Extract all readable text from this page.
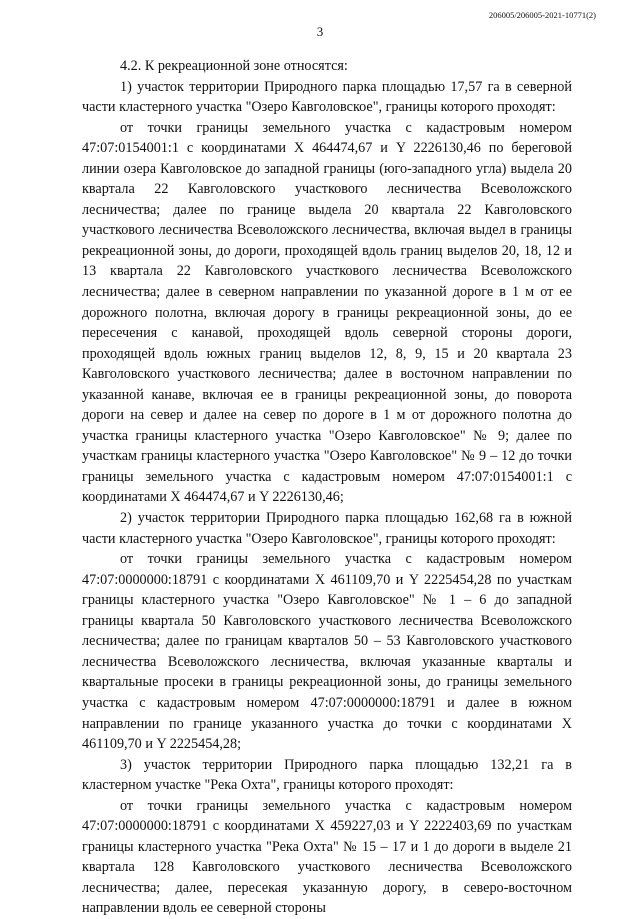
206005/206005-2021-10771(2)
3

4.2. К рекреационной зоне относятся:

1) участок территории Природного парка площадью 17,57 га в северной части кластерного участка "Озеро Кавголовское", границы которого проходят:

от точки границы земельного участка с кадастровым номером 47:07:0154001:1 с координатами X 464474,67 и Y 2226130,46 по береговой линии озера Кавголовское до западной границы (юго-западного угла) выдела 20 квартала 22 Кавголовского участкового лесничества Всеволожского лесничества; далее по границе выдела 20 квартала 22 Кавголовского участкового лесничества Всеволожского лесничества, включая выдел в границы рекреационной зоны, до дороги, проходящей вдоль границ выделов 20, 18, 12 и 13 квартала 22 Кавголовского участкового лесничества Всеволожского лесничества; далее в северном направлении по указанной дороге в 1 м от ее дорожного полотна, включая дорогу в границы рекреационной зоны, до ее пересечения с канавой, проходящей вдоль северной стороны дороги, проходящей вдоль южных границ выделов 12, 8, 9, 15 и 20 квартала 23 Кавголовского участкового лесничества; далее в восточном направлении по указанной канаве, включая ее в границы рекреационной зоны, до поворота дороги на север и далее на север по дороге в 1 м от дорожного полотна до участка границы кластерного участка "Озеро Кавголовское" № 9; далее по участкам границы кластерного участка "Озеро Кавголовское" № 9 – 12 до точки границы земельного участка с кадастровым номером 47:07:0154001:1 с координатами X 464474,67 и Y 2226130,46;

2) участок территории Природного парка площадью 162,68 га в южной части кластерного участка "Озеро Кавголовское", границы которого проходят:

от точки границы земельного участка с кадастровым номером 47:07:0000000:18791 с координатами X 461109,70 и Y 2225454,28 по участкам границы кластерного участка "Озеро Кавголовское" № 1 – 6 до западной границы квартала 50 Кавголовского участкового лесничества Всеволожского лесничества; далее по границам кварталов 50 – 53 Кавголовского участкового лесничества Всеволожского лесничества, включая указанные кварталы и квартальные просеки в границы рекреационной зоны, до границы земельного участка с кадастровым номером 47:07:0000000:18791 и далее в южном направлении по границе указанного участка до точки с координатами X 461109,70 и Y 2225454,28;

3) участок территории Природного парка площадью 132,21 га в кластерном участке "Река Охта", границы которого проходят:

от точки границы земельного участка с кадастровым номером 47:07:0000000:18791 с координатами X 459227,03 и Y 2222403,69 по участкам границы кластерного участка "Река Охта" № 15 – 17 и 1 до дороги в выделе 21 квартала 128 Кавголовского участкового лесничества Всеволожского лесничества; далее, пересекая указанную дорогу, в северо-восточном направлении вдоль ее северной стороны
